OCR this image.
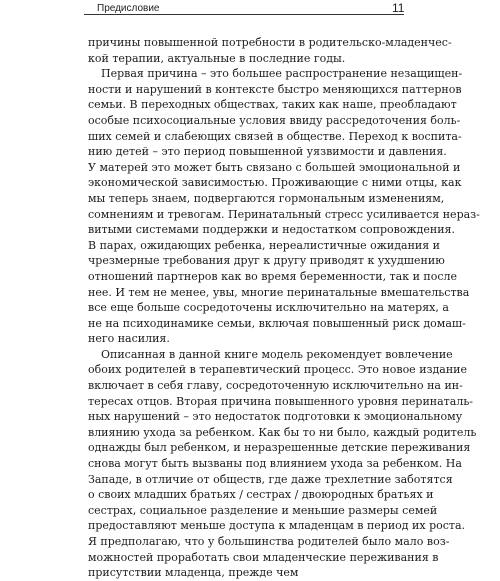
Предисловие	11
причины повышенной потребности в родительско-младенчес-
кой терапии, актуальные в последние годы.
Первая причина – это большее распространение незащищен-
ности и нарушений в контексте быстро меняющихся паттернов
семьи. В переходных обществах, таких как наше, преобладают
особые психосоциальные условия ввиду рассредоточения боль-
ших семей и слабеющих связей в обществе. Переход к воспита-
нию детей – это период повышенной уязвимости и давления.
У матерей это может быть связано с большей эмоциональной и
экономической зависимостью. Проживающие с ними отцы, как
мы теперь знаем, подвергаются гормональным изменениям,
сомнениям и тревогам. Перинатальный стресс усиливается нераз-
витыми системами поддержки и недостатком сопровождения.
В парах, ожидающих ребенка, нереалистичные ожидания и
чрезмерные требования друг к другу приводят к ухудшению
отношений партнеров как во время беременности, так и после
нее. И тем не менее, увы, многие перинатальные вмешательства
все еще больше сосредоточены исключительно на матерях, а
не на психодинамике семьи, включая повышенный риск домаш-
него насилия.
Описанная в данной книге модель рекомендует вовлечение
обоих родителей в терапевтический процесс. Это новое издание
включает в себя главу, сосредоточенную исключительно на ин-
тересах отцов. Вторая причина повышенного уровня перинаталь-
ных нарушений – это недостаток подготовки к эмоциональному
влиянию ухода за ребенком. Как бы то ни было, каждый родитель
однажды был ребенком, и неразрешенные детские переживания
снова могут быть вызваны под влиянием ухода за ребенком. На
Западе, в отличие от обществ, где даже трехлетние заботятся
о своих младших братьях / сестрах / двоюродных братьях и
сестрах, социальное разделение и меньшие размеры семей
предоставляют меньше доступа к младенцам в период их роста.
Я предполагаю, что у большинства родителей было мало воз-
можностей проработать свои младенческие переживания в
присутствии младенца, прежде чем
